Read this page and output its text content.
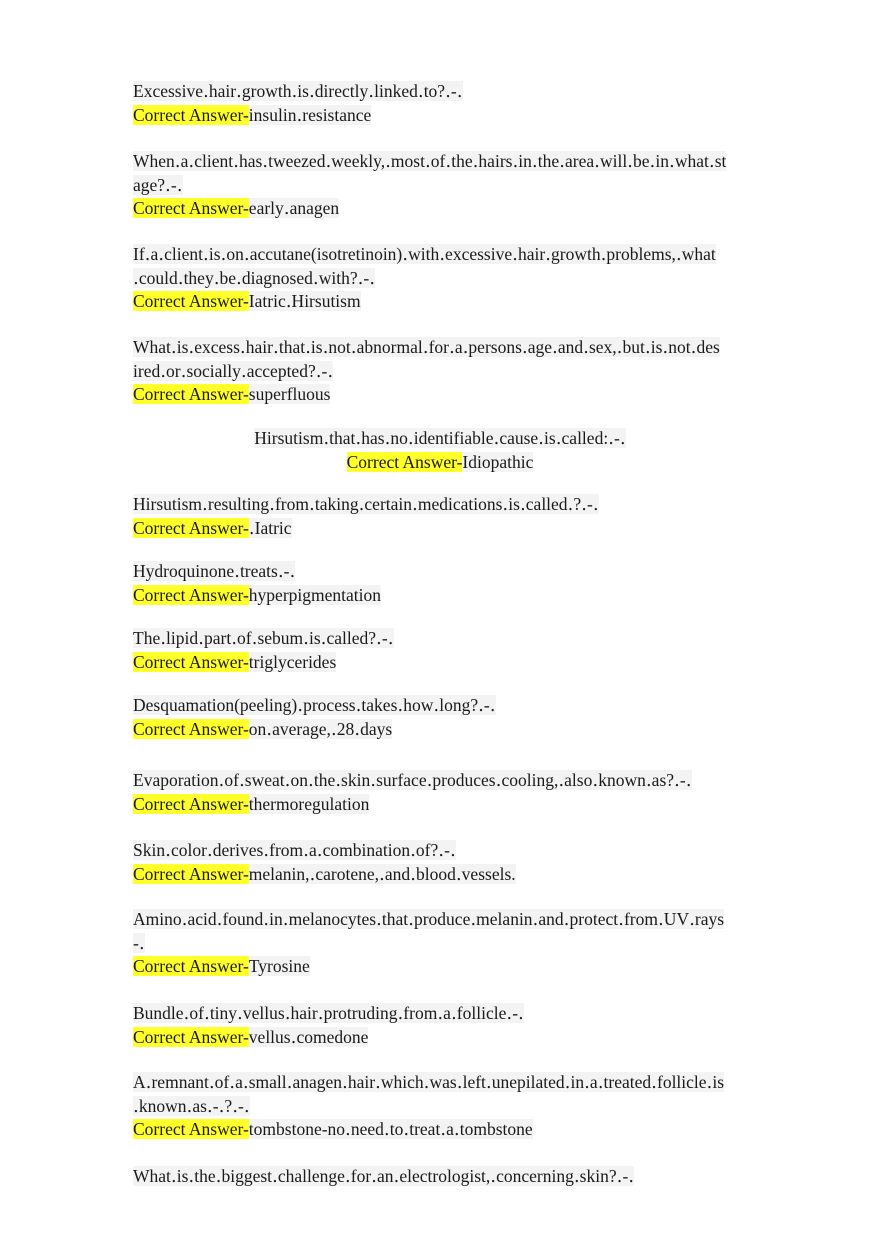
Excessive․hair․growth․is․directly․linked․to?․-․
Correct Answer-insulin․resistance
When․a․client․has․tweezed․weekly,․most․of․the․hairs․in․the․area․will․be․in․what․st
age?․-․
Correct Answer-early․anagen
If․a․client․is․on․accutane(isotretinoin)․with․excessive․hair․growth․problems,․what
․could․they․be․diagnosed․with?․-․
Correct Answer-Iatric․Hirsutism
What․is․excess․hair․that․is․not․abnormal․for․a․persons․age․and․sex,․but․is․not․des
ired․or․socially․accepted?․-․
Correct Answer-superfluous
Hirsutism․that․has․no․identifiable․cause․is․called:․-․
Correct Answer-Idiopathic
Hirsutism․resulting․from․taking․certain․medications․is․called․?․-․
Correct Answer-․Iatric
Hydroquinone․treats․-․
Correct Answer-hyperpigmentation
The․lipid․part․of․sebum․is․called?․-․
Correct Answer-triglycerides
Desquamation(peeling)․process․takes․how․long?․-․
Correct Answer-on․average,․28․days
Evaporation․of․sweat․on․the․skin․surface․produces․cooling,․also․known․as?․-․
Correct Answer-thermoregulation
Skin․color․derives․from․a․combination․of?․-․
Correct Answer-melanin,․carotene,․and․blood․vessels.
Amino․acid․found․in․melanocytes․that․produce․melanin․and․protect․from․UV․rays
-․
Correct Answer-Tyrosine
Bundle․of․tiny․vellus․hair․protruding․from․a․follicle․-․
Correct Answer-vellus․comedone
A․remnant․of․a․small․anagen․hair․which․was․left․unepilated․in․a․treated․follicle․is
․known․as․-․?․-․
Correct Answer-tombstone-no․need․to․treat․a․tombstone
What․is․the․biggest․challenge․for․an․electrologist,․concerning․skin?․-․
